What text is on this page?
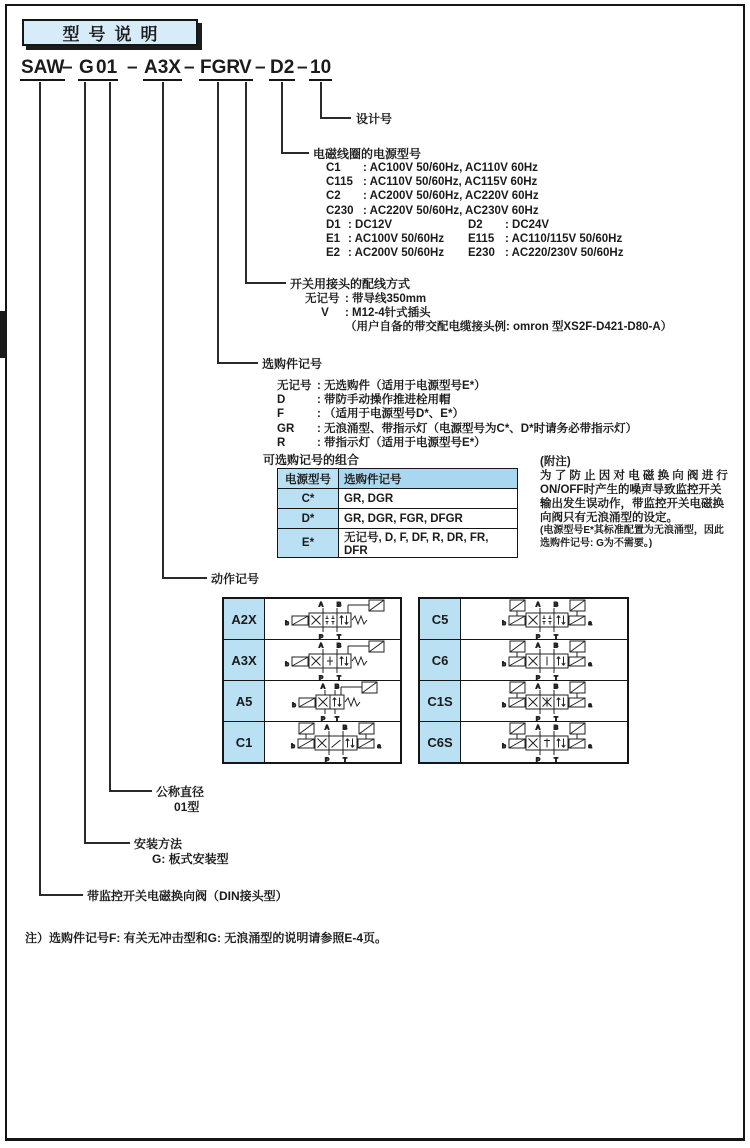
型号说明
SAW
– G 01 – A3X – FGR
V – D2 – 10
设计号
电磁线圈的电源型号
C1	: AC100V 50/60Hz, AC110V 60Hz
C115 : AC110V 50/60Hz, AC115V 60Hz
C2	: AC200V 50/60Hz, AC220V 60Hz
C230 : AC220V 50/60Hz, AC230V 60Hz
D1 : DC12V	D2	: DC24V
E1 : AC100V 50/60Hz	E115 : AC110/115V 50/60Hz
E2 : AC200V 50/60Hz	E230 : AC220/230V 50/60Hz
开关用接头的配线方式
无记号 : 带导线350mm
V	: M12-4针式插头
（用户自备的带交配电缆接头例: omron 型XS2F-D421-D80-A）
选购件记号
无记号 : 无选购件（适用于电源型号E*）
D	: 带防手动操作推进栓用帽
F	: （适用于电源型号D*、E*）
GR	: 无浪涌型、带指示灯（电源型号为C*、D*时请务必带指示灯）
R	: 带指示灯（适用于电源型号E*）
可选购记号的组合
电源型号	选购件记号
C*	GR, DGR
D*	GR, DGR, FGR, DFGR
E*	无记号, D, F, DF, R, DR, FR, DFR
(附注)
为了防止因对电磁换向阀进行
ON/OFF时产生的噪声导致监控开关
输出发生误动作，带监控开关电磁换
向阀只有无浪涌型的设定。
(电源型号E*其标准配置为无浪涌型，因此
选购件记号: G为不需要。)
动作记号
A2X
A B
P T
b
A3X
A B
P T
b
A5
A B
P T
b
C1
A B
P T
b	a
C5
A B
P T
b	a
C6
A B
P T
b	a
C1S
A B
P T
b	a
C6S
A B
P T
b	a
公称直径
01型
安装方法
G: 板式安装型
带监控开关电磁换向阀（DIN接头型）
注）选购件记号F: 有关无冲击型和G: 无浪涌型的说明请参照E-4页。
